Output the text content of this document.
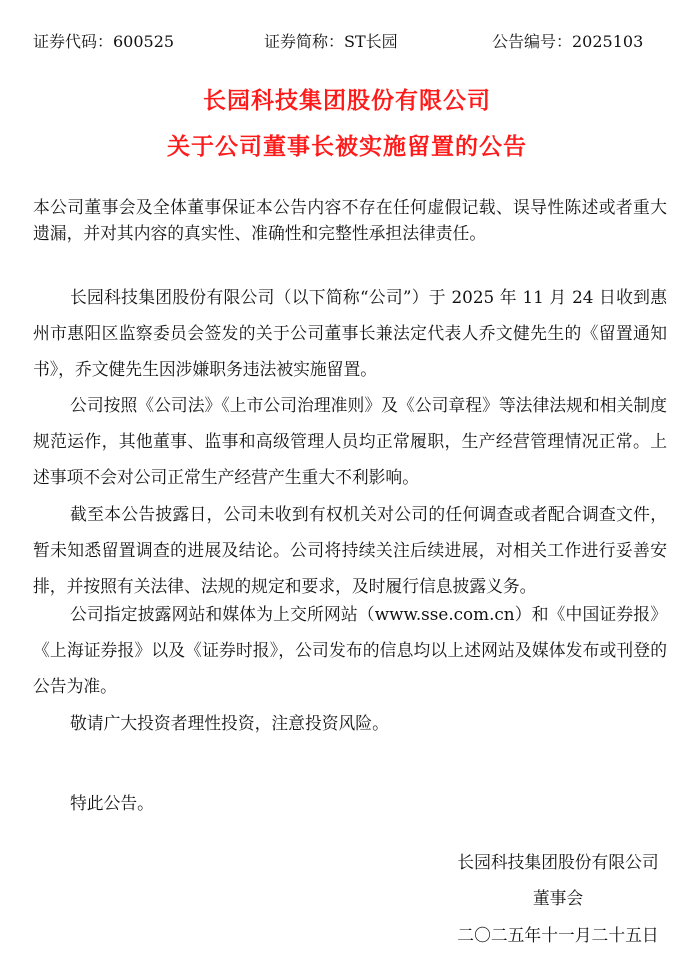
证券代码：600525	证券简称：ST长园	公告编号：2025103
长园科技集团股份有限公司
关于公司董事长被实施留置的公告
本公司董事会及全体董事保证本公告内容不存在任何虚假记载、误导性陈述或者重大遗漏，并对其内容的真实性、准确性和完整性承担法律责任。
长园科技集团股份有限公司（以下简称“公司”）于 2025 年 11 月 24 日收到惠州市惠阳区监察委员会签发的关于公司董事长兼法定代表人乔文健先生的《留置通知书》，乔文健先生因涉嫌职务违法被实施留置。
公司按照《公司法》《上市公司治理准则》及《公司章程》等法律法规和相关制度规范运作，其他董事、监事和高级管理人员均正常履职，生产经营管理情况正常。上述事项不会对公司正常生产经营产生重大不利影响。
截至本公告披露日，公司未收到有权机关对公司的任何调查或者配合调查文件，暂未知悉留置调查的进展及结论。公司将持续关注后续进展，对相关工作进行妥善安排，并按照有关法律、法规的规定和要求，及时履行信息披露义务。
公司指定披露网站和媒体为上交所网站（www.sse.com.cn）和《中国证券报》《上海证券报》以及《证券时报》，公司发布的信息均以上述网站及媒体发布或刊登的公告为准。
敬请广大投资者理性投资，注意投资风险。
特此公告。
长园科技集团股份有限公司
董事会
二〇二五年十一月二十五日
